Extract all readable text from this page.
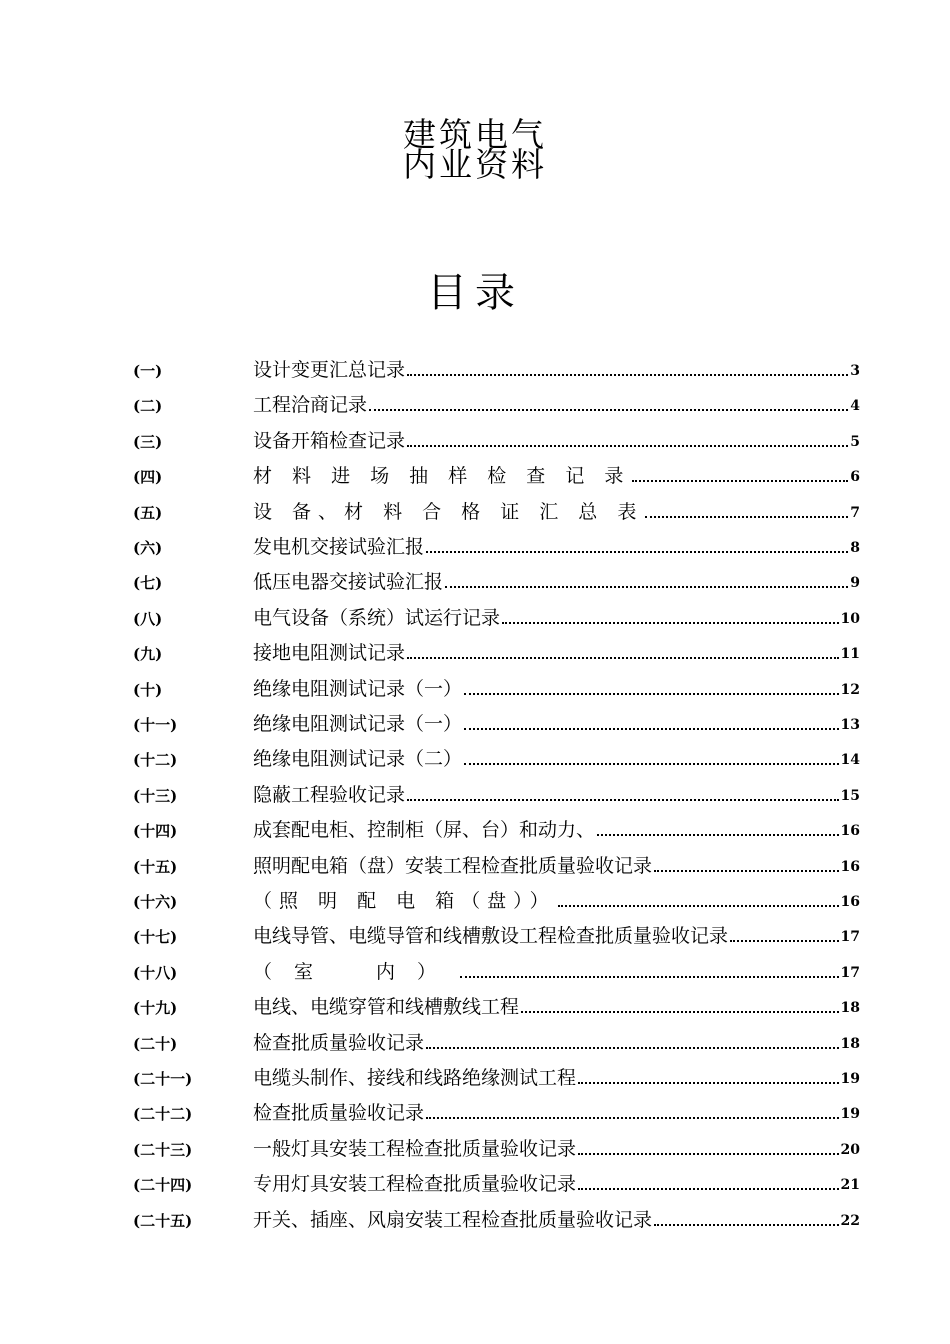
建筑电气
内业资料
目录
(一)	设计变更汇总记录	3
(二)	工程洽商记录	4
(三)	设备开箱检查记录	5
(四)	材 料 进 场 抽 样 检 查 记 录	6
(五)	设 备、材 料 合 格 证 汇 总 表	7
(六)	发电机交接试验汇报	8
(七)	低压电器交接试验汇报	9
(八)	电气设备（系统）试运行记录	10
(九)	接地电阻测试记录	11
(十)	绝缘电阻测试记录（一）	12
(十一)	绝缘电阻测试记录（一）	13
(十二)	绝缘电阻测试记录（二）	14
(十三)	隐蔽工程验收记录	15
(十四)	成套配电柜、控制柜（屏、台）和动力、	16
(十五)	照明配电箱（盘）安装工程检查批质量验收记录	16
(十六)	（照 明 配 电 箱（盘））	16
(十七)	电线导管、电缆导管和线槽敷设工程检查批质量验收记录	17
(十八)	（室　内）	17
(十九)	电线、电缆穿管和线槽敷线工程	18
(二十)	检查批质量验收记录	18
(二十一)	电缆头制作、接线和线路绝缘测试工程	19
(二十二)	检查批质量验收记录	19
(二十三)	一般灯具安装工程检查批质量验收记录	20
(二十四)	专用灯具安装工程检查批质量验收记录	21
(二十五)	开关、插座、风扇安装工程检查批质量验收记录	22
